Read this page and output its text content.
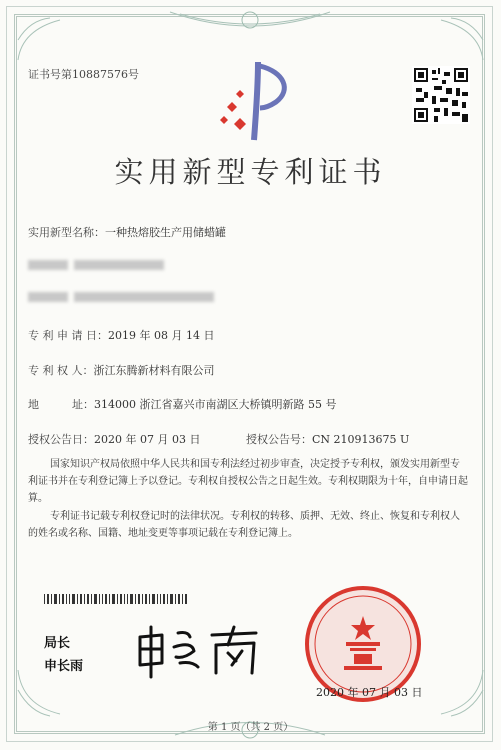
证书号第10887576号
实用新型专利证书
实用新型名称：一种热熔胶生产用储蜡罐
专 利 申 请 日：2019 年 08 月 14 日
专 利 权 人：浙江东腾新材料有限公司
地　　　址：314000 浙江省嘉兴市南湖区大桥镇明新路 55 号
授权公告日：2020 年 07 月 03 日	授权公告号：CN 210913675 U
国家知识产权局依照中华人民共和国专利法经过初步审查，决定授予专利权，颁发实用新型专利证书并在专利登记簿上予以登记。专利权自授权公告之日起生效。专利权期限为十年，自申请日起算。
专利证书记载专利权登记时的法律状况。专利权的转移、质押、无效、终止、恢复和专利权人的姓名或名称、国籍、地址变更等事项记载在专利登记簿上。
局长
申长雨
2020 年 07 月 03 日
第 1 页（共 2 页）
